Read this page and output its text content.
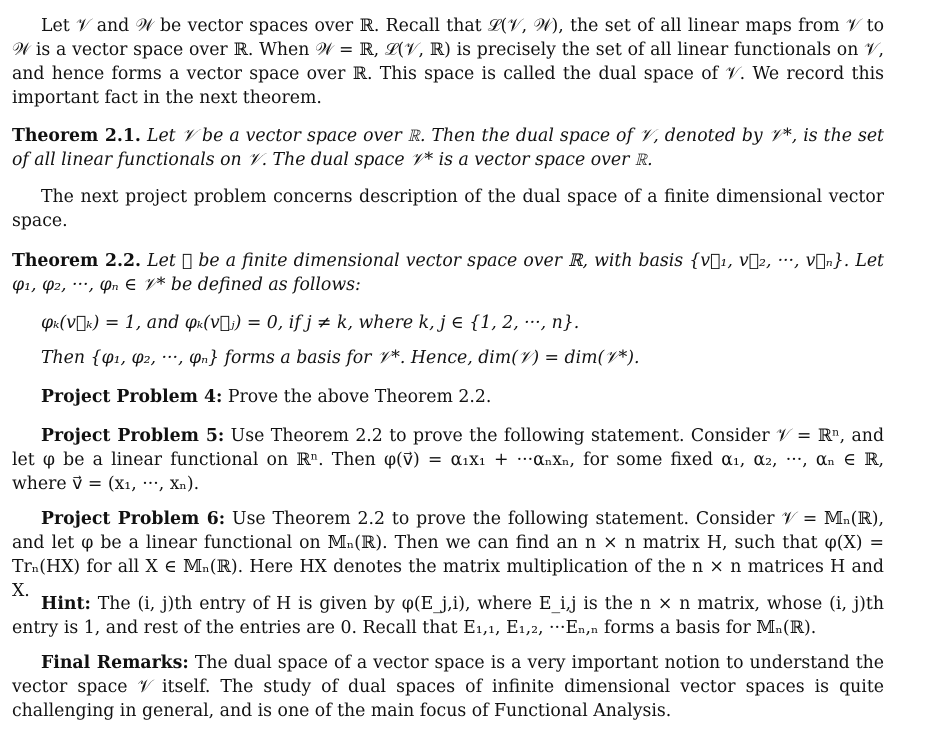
Let 𝒱 and 𝒲 be vector spaces over ℝ. Recall that ℒ(𝒱, 𝒲), the set of all linear maps from 𝒱 to 𝒲 is a vector space over ℝ. When 𝒲 = ℝ, ℒ(𝒱, ℝ) is precisely the set of all linear functionals on 𝒱, and hence forms a vector space over ℝ. This space is called the dual space of 𝒱. We record this important fact in the next theorem.

Theorem 2.1. Let 𝒱 be a vector space over ℝ. Then the dual space of 𝒱, denoted by 𝒱*, is the set of all linear functionals on 𝒱. The dual space 𝒱* is a vector space over ℝ.

The next project problem concerns description of the dual space of a finite dimensional vector space.

Theorem 2.2. Let 𝒱 be a finite dimensional vector space over ℝ, with basis {v⃗₁, v⃗₂, ···, v⃗ₙ}. Let φ₁, φ₂, ···, φₙ ∈ 𝒱* be defined as follows:

φₖ(v⃗ₖ) = 1, and φₖ(v⃗ⱼ) = 0, if j ≠ k, where k, j ∈ {1, 2, ···, n}.

Then {φ₁, φ₂, ···, φₙ} forms a basis for 𝒱*. Hence, dim(𝒱) = dim(𝒱*).

Project Problem 4: Prove the above Theorem 2.2.

Project Problem 5: Use Theorem 2.2 to prove the following statement. Consider 𝒱 = ℝⁿ, and let φ be a linear functional on ℝⁿ. Then φ(v⃗) = α₁x₁ + ···αₙxₙ, for some fixed α₁, α₂, ···, αₙ ∈ ℝ, where v⃗ = (x₁, ···, xₙ).

Project Problem 6: Use Theorem 2.2 to prove the following statement. Consider 𝒱 = 𝕄ₙ(ℝ), and let φ be a linear functional on 𝕄ₙ(ℝ). Then we can find an n × n matrix H, such that φ(X) = Trₙ(HX) for all X ∈ 𝕄ₙ(ℝ). Here HX denotes the matrix multiplication of the n × n matrices H and X.

Hint: The (i, j)th entry of H is given by φ(E_j,i), where E_i,j is the n × n matrix, whose (i, j)th entry is 1, and rest of the entries are 0. Recall that E₁,₁, E₁,₂, ···Eₙ,ₙ forms a basis for 𝕄ₙ(ℝ).

Final Remarks: The dual space of a vector space is a very important notion to understand the vector space 𝒱 itself. The study of dual spaces of infinite dimensional vector spaces is quite challenging in general, and is one of the main focus of Functional Analysis.
